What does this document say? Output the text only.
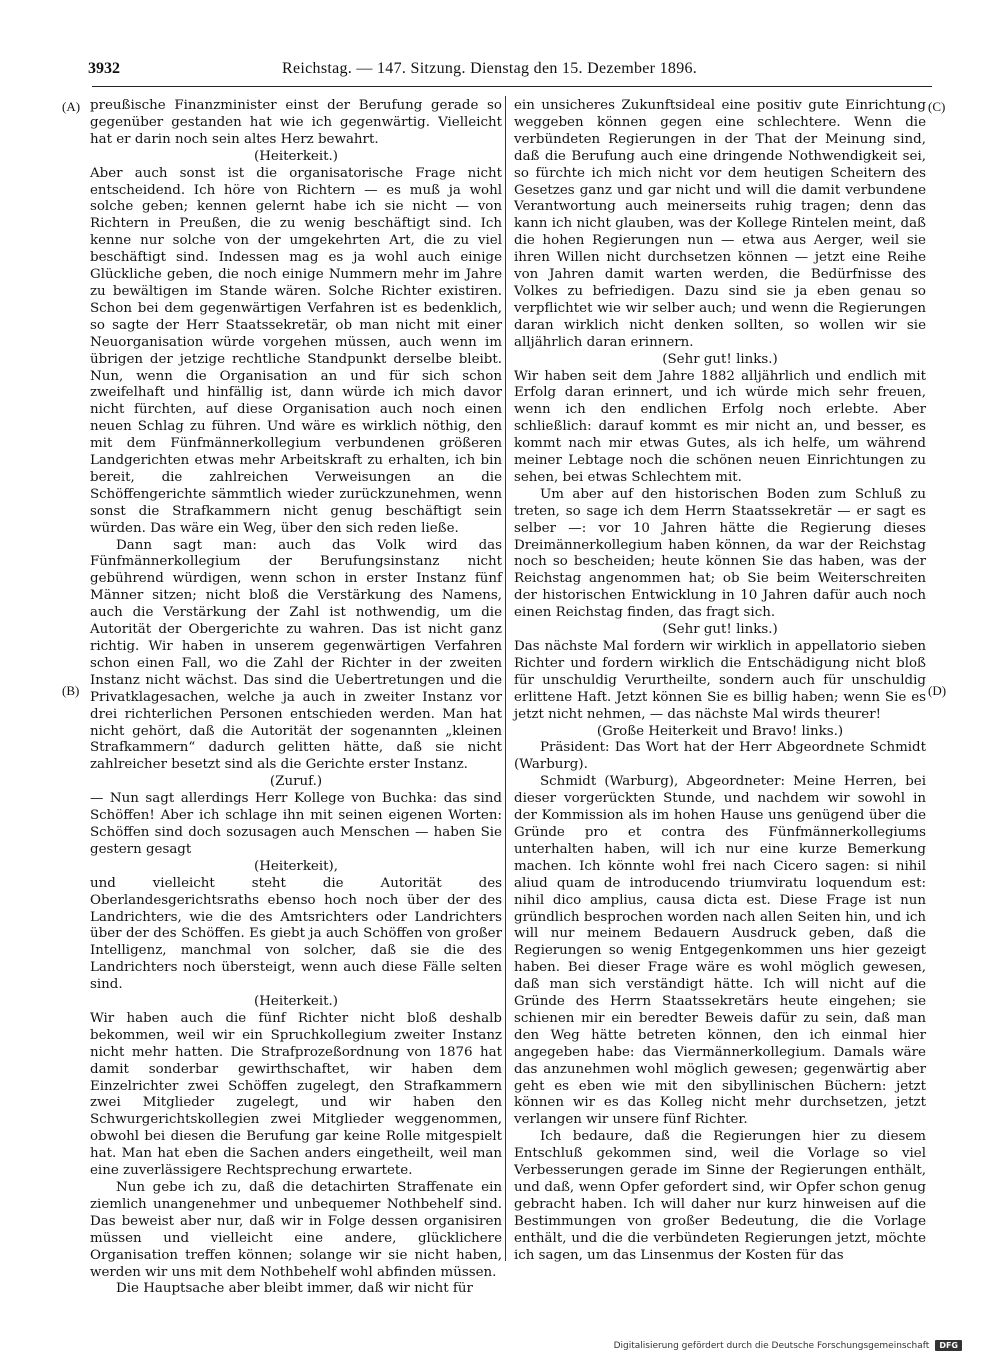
3932	Reichstag. — 147. Sitzung. Dienstag den 15. Dezember 1896.
(A)
(B)
(C)
(D)

preußische Finanzminister einst der Berufung gerade so gegenüber gestanden hat wie ich gegenwärtig. Vielleicht hat er darin noch sein altes Herz bewahrt.

(Heiterkeit.)

Aber auch sonst ist die organisatorische Frage nicht entscheidend. Ich höre von Richtern — es muß ja wohl solche geben; kennen gelernt habe ich sie nicht — von Richtern in Preußen, die zu wenig beschäftigt sind. Ich kenne nur solche von der umgekehrten Art, die zu viel beschäftigt sind. Indessen mag es ja wohl auch einige Glückliche geben, die noch einige Nummern mehr im Jahre zu bewältigen im Stande wären. Solche Richter existiren. Schon bei dem gegenwärtigen Verfahren ist es bedenklich, so sagte der Herr Staatssekretär, ob man nicht mit einer Neuorganisation würde vorgehen müssen, auch wenn im übrigen der jetzige rechtliche Standpunkt derselbe bleibt. Nun, wenn die Organisation an und für sich schon zweifelhaft und hinfällig ist, dann würde ich mich davor nicht fürchten, auf diese Organisation auch noch einen neuen Schlag zu führen. Und wäre es wirklich nöthig, den mit dem Fünfmännerkollegium verbundenen größeren Landgerichten etwas mehr Arbeitskraft zu erhalten, ich bin bereit, die zahlreichen Verweisungen an die Schöffengerichte sämmtlich wieder zurückzunehmen, wenn sonst die Strafkammern nicht genug beschäftigt sein würden. Das wäre ein Weg, über den sich reden ließe.

Dann sagt man: auch das Volk wird das Fünfmännerkollegium der Berufungsinstanz nicht gebührend würdigen, wenn schon in erster Instanz fünf Männer sitzen; nicht bloß die Verstärkung des Namens, auch die Verstärkung der Zahl ist nothwendig, um die Autorität der Obergerichte zu wahren. Das ist nicht ganz richtig. Wir haben in unserem gegenwärtigen Verfahren schon einen Fall, wo die Zahl der Richter in der zweiten Instanz nicht wächst. Das sind die Uebertretungen und die Privatklagesachen, welche ja auch in zweiter Instanz vor drei richterlichen Personen entschieden werden. Man hat nicht gehört, daß die Autorität der sogenannten „kleinen Strafkammern“ dadurch gelitten hätte, daß sie nicht zahlreicher besetzt sind als die Gerichte erster Instanz.

(Zuruf.)

— Nun sagt allerdings Herr Kollege von Buchka: das sind Schöffen! Aber ich schlage ihn mit seinen eigenen Worten: Schöffen sind doch sozusagen auch Menschen — haben Sie gestern gesagt

(Heiterkeit),

und vielleicht steht die Autorität des Oberlandesgerichtsraths ebenso hoch noch über der des Landrichters, wie die des Amtsrichters oder Landrichters über der des Schöffen. Es giebt ja auch Schöffen von großer Intelligenz, manchmal von solcher, daß sie die des Landrichters noch übersteigt, wenn auch diese Fälle selten sind.

(Heiterkeit.)

Wir haben auch die fünf Richter nicht bloß deshalb bekommen, weil wir ein Spruchkollegium zweiter Instanz nicht mehr hatten. Die Strafprozeßordnung von 1876 hat damit sonderbar gewirthschaftet, wir haben dem Einzelrichter zwei Schöffen zugelegt, den Strafkammern zwei Mitglieder zugelegt, und wir haben den Schwurgerichtskollegien zwei Mitglieder weggenommen, obwohl bei diesen die Berufung gar keine Rolle mitgespielt hat. Man hat eben die Sachen anders eingetheilt, weil man eine zuverlässigere Rechtsprechung erwartete.

Nun gebe ich zu, daß die detachirten Straffenate ein ziemlich unangenehmer und unbequemer Nothbehelf sind. Das beweist aber nur, daß wir in Folge dessen organisiren müssen und vielleicht eine andere, glücklichere Organisation treffen können; solange wir sie nicht haben, werden wir uns mit dem Nothbehelf wohl abfinden müssen.

Die Hauptsache aber bleibt immer, daß wir nicht für

ein unsicheres Zukunftsideal eine positiv gute Einrichtung weggeben können gegen eine schlechtere. Wenn die verbündeten Regierungen in der That der Meinung sind, daß die Berufung auch eine dringende Nothwendigkeit sei, so fürchte ich mich nicht vor dem heutigen Scheitern des Gesetzes ganz und gar nicht und will die damit verbundene Verantwortung auch meinerseits ruhig tragen; denn das kann ich nicht glauben, was der Kollege Rintelen meint, daß die hohen Regierungen nun — etwa aus Aerger, weil sie ihren Willen nicht durchsetzen können — jetzt eine Reihe von Jahren damit warten werden, die Bedürfnisse des Volkes zu befriedigen. Dazu sind sie ja eben genau so verpflichtet wie wir selber auch; und wenn die Regierungen daran wirklich nicht denken sollten, so wollen wir sie alljährlich daran erinnern.

(Sehr gut! links.)

Wir haben seit dem Jahre 1882 alljährlich und endlich mit Erfolg daran erinnert, und ich würde mich sehr freuen, wenn ich den endlichen Erfolg noch erlebte. Aber schließlich: darauf kommt es mir nicht an, und besser, es kommt nach mir etwas Gutes, als ich helfe, um während meiner Lebtage noch die schönen neuen Einrichtungen zu sehen, bei etwas Schlechtem mit.

Um aber auf den historischen Boden zum Schluß zu treten, so sage ich dem Herrn Staatssekretär — er sagt es selber —: vor 10 Jahren hätte die Regierung dieses Dreimännerkollegium haben können, da war der Reichstag noch so bescheiden; heute können Sie das haben, was der Reichstag angenommen hat; ob Sie beim Weiterschreiten der historischen Entwicklung in 10 Jahren dafür auch noch einen Reichstag finden, das fragt sich.

(Sehr gut! links.)

Das nächste Mal fordern wir wirklich in appellatorio sieben Richter und fordern wirklich die Entschädigung nicht bloß für unschuldig Verurtheilte, sondern auch für unschuldig erlittene Haft. Jetzt können Sie es billig haben; wenn Sie es jetzt nicht nehmen, — das nächste Mal wirds theurer!

(Große Heiterkeit und Bravo! links.)

Präsident: Das Wort hat der Herr Abgeordnete Schmidt (Warburg).

Schmidt (Warburg), Abgeordneter: Meine Herren, bei dieser vorgerückten Stunde, und nachdem wir sowohl in der Kommission als im hohen Hause uns genügend über die Gründe pro et contra des Fünfmännerkollegiums unterhalten haben, will ich nur eine kurze Bemerkung machen. Ich könnte wohl frei nach Cicero sagen: si nihil aliud quam de introducendo triumviratu loquendum est: nihil dico amplius, causa dicta est. Diese Frage ist nun gründlich besprochen worden nach allen Seiten hin, und ich will nur meinem Bedauern Ausdruck geben, daß die Regierungen so wenig Entgegenkommen uns hier gezeigt haben. Bei dieser Frage wäre es wohl möglich gewesen, daß man sich verständigt hätte. Ich will nicht auf die Gründe des Herrn Staatssekretärs heute eingehen; sie schienen mir ein beredter Beweis dafür zu sein, daß man den Weg hätte betreten können, den ich einmal hier angegeben habe: das Viermännerkollegium. Damals wäre das anzunehmen wohl möglich gewesen; gegenwärtig aber geht es eben wie mit den sibyllinischen Büchern: jetzt können wir es das Kolleg nicht mehr durchsetzen, jetzt verlangen wir unsere fünf Richter.

Ich bedaure, daß die Regierungen hier zu diesem Entschluß gekommen sind, weil die Vorlage so viel Verbesserungen gerade im Sinne der Regierungen enthält, und daß, wenn Opfer gefordert sind, wir Opfer schon genug gebracht haben. Ich will daher nur kurz hinweisen auf die Bestimmungen von großer Bedeutung, die die Vorlage enthält, und die die verbündeten Regierungen jetzt, möchte ich sagen, um das Linsenmus der Kosten für das

Digitalisierung gefördert durch die Deutsche Forschungsgemeinschaft	DFG
